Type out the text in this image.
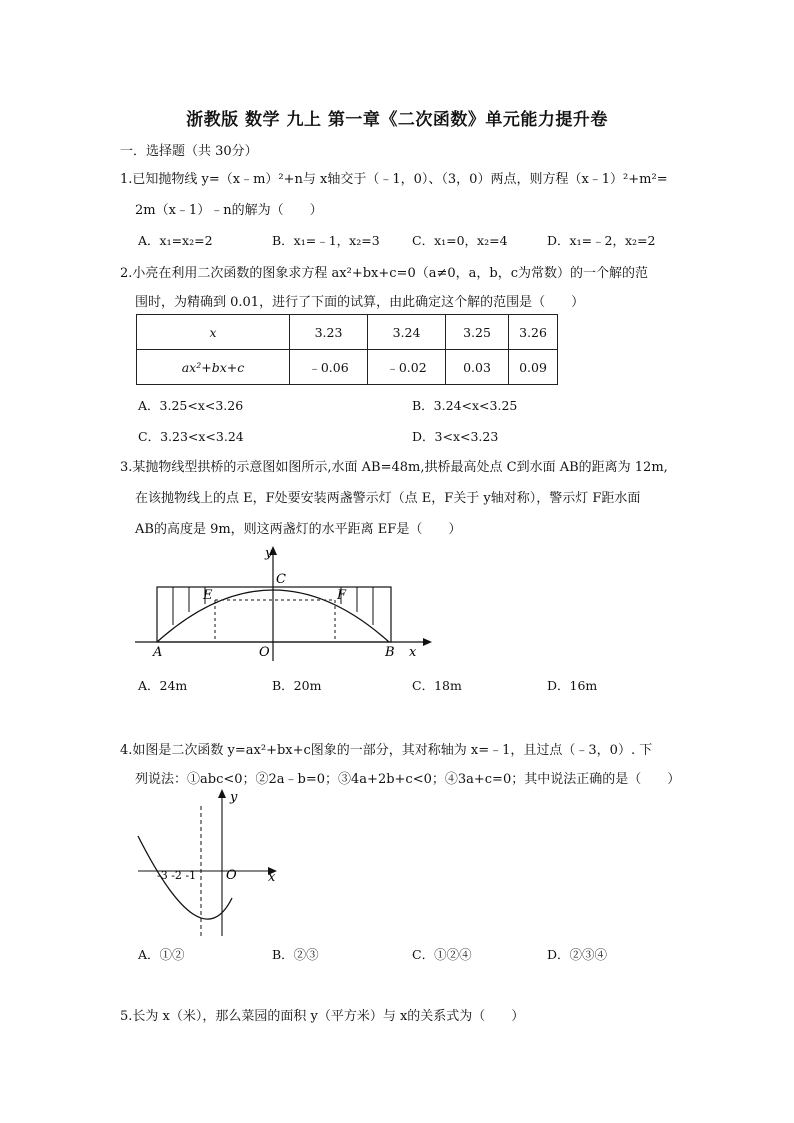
浙教版 数学 九上 第一章《二次函数》单元能力提升卷
一．选择题（共 30分）
1.已知抛物线 y=（x﹣m）²+n与 x轴交于（﹣1，0）、（3，0）两点，则方程（x﹣1）²+m²=
2m（x﹣1）﹣n的解为（　　）
A．x₁=x₂=2	B．x₁=﹣1，x₂=3	C．x₁=0，x₂=4	D．x₁=﹣2，x₂=2
2.小亮在利用二次函数的图象求方程 ax²+bx+c=0（a≠0，a，b，c为常数）的一个解的范
围时，为精确到 0.01，进行了下面的试算，由此确定这个解的范围是（　　）
x	3.23	3.24	3.25	3.26
ax²+bx+c	﹣0.06	﹣0.02	0.03	0.09
A．3.25<x<3.26	B．3.24<x<3.25
C．3.23<x<3.24	D．3<x<3.23
3.某抛物线型拱桥的示意图如图所示,水面 AB=48m,拱桥最高处点 C到水面 AB的距离为 12m,
在该抛物线上的点 E，F处要安装两盏警示灯（点 E，F关于 y轴对称），警示灯 F距水面
AB的高度是 9m，则这两盏灯的水平距离 EF是（　　）
y
C
E	F
O
A	B x
A．24m	B．20m	C．18m	D．16m
4.如图是二次函数 y=ax²+bx+c图象的一部分，其对称轴为 x=﹣1，且过点（﹣3，0）. 下
列说法：①abc<0；②2a﹣b=0；③4a+2b+c<0；④3a+c=0；其中说法正确的是（　　）
y
-3 -2 -1 O x
A．①②	B．②③	C．①②④	D．②③④
5.长为 x（米），那么菜园的面积 y（平方米）与 x的关系式为（　　）
